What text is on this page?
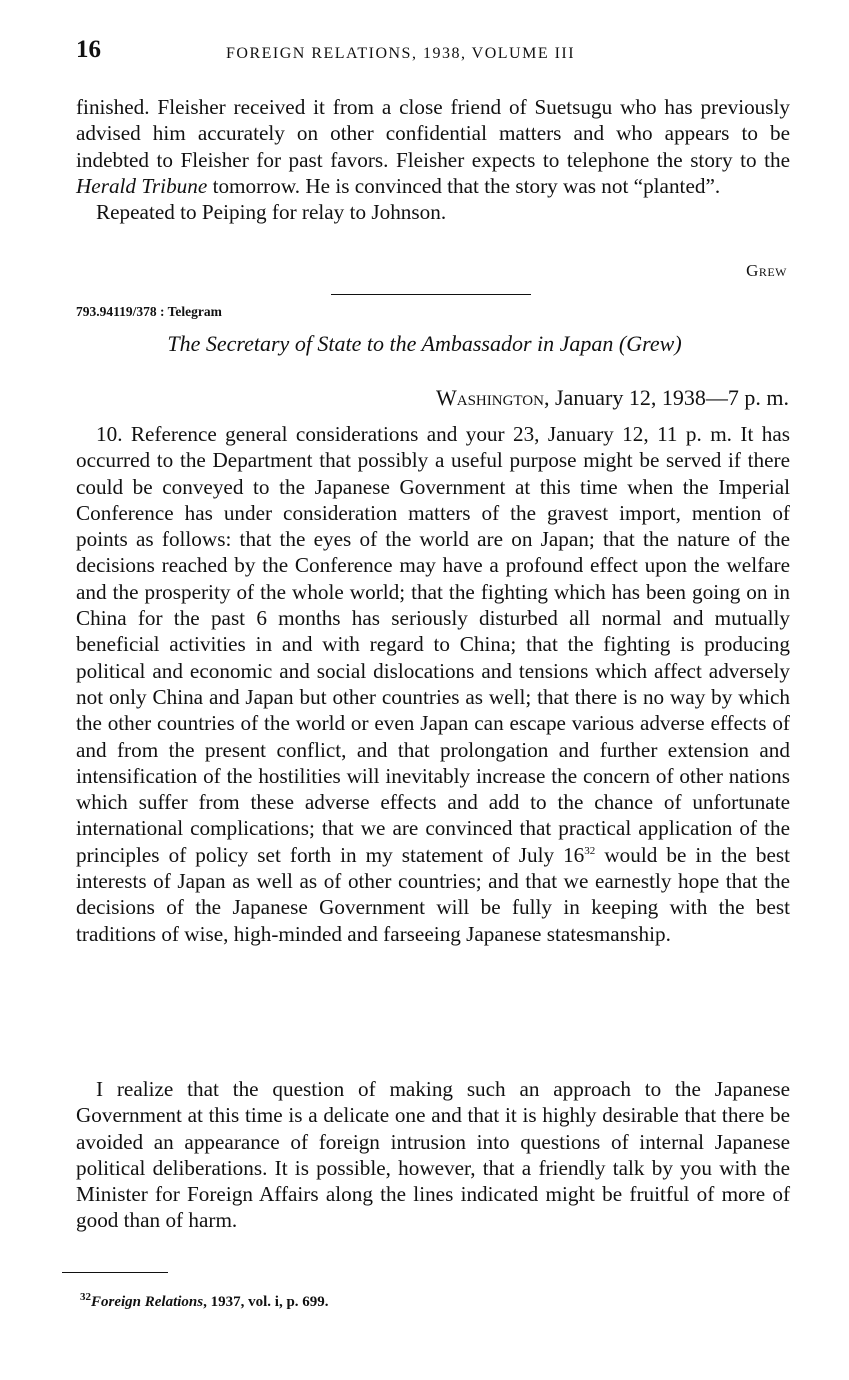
16	FOREIGN RELATIONS, 1938, VOLUME III
finished. Fleisher received it from a close friend of Suetsugu who has previously advised him accurately on other confidential matters and who appears to be indebted to Fleisher for past favors. Fleisher expects to telephone the story to the Herald Tribune tomorrow. He is convinced that the story was not “planted”.
Repeated to Peiping for relay to Johnson.
Grew
793.94119/378 : Telegram
The Secretary of State to the Ambassador in Japan (Grew)
Washington, January 12, 1938—7 p. m.
10. Reference general considerations and your 23, January 12, 11 p. m. It has occurred to the Department that possibly a useful purpose might be served if there could be conveyed to the Japanese Government at this time when the Imperial Conference has under consideration matters of the gravest import, mention of points as follows: that the eyes of the world are on Japan; that the nature of the decisions reached by the Conference may have a profound effect upon the welfare and the prosperity of the whole world; that the fighting which has been going on in China for the past 6 months has seriously disturbed all normal and mutually beneficial activities in and with regard to China; that the fighting is producing political and economic and social dislocations and tensions which affect adversely not only China and Japan but other countries as well; that there is no way by which the other countries of the world or even Japan can escape various adverse effects of and from the present conflict, and that prolongation and further extension and intensification of the hostilities will inevitably increase the concern of other nations which suffer from these adverse effects and add to the chance of unfortunate international complications; that we are convinced that practical application of the principles of policy set forth in my statement of July $16^{32}$ would be in the best interests of Japan as well as of other countries; and that we earnestly hope that the decisions of the Japanese Government will be fully in keeping with the best traditions of wise, high-minded and farseeing Japanese statesmanship.
I realize that the question of making such an approach to the Japanese Government at this time is a delicate one and that it is highly desirable that there be avoided an appearance of foreign intrusion into questions of internal Japanese political deliberations. It is possible, however, that a friendly talk by you with the Minister for Foreign Affairs along the lines indicated might be fruitful of more of good than of harm.
$^{32}$Foreign Relations, 1937, vol. i, p. 699.
